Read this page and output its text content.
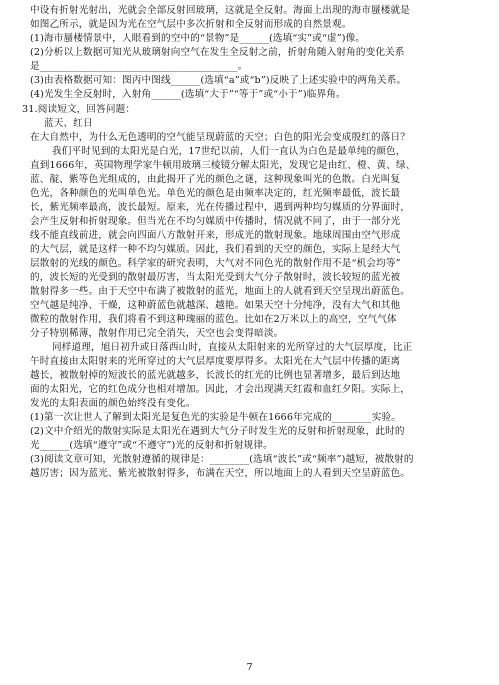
中设有折射光射出，光就会全部反射回玻璃，这就是全反射。海面上出现的海市蜃楼就是
如图乙所示，就是因为光在空气层中多次折射和全反射而形成的自然景观。
(1)海市蜃楼情景中，人眼看到的空中的“景物”是______(选填“实”或“虚”)像。
(2)分析以上数据可知光从玻璃射向空气在发生全反射之前，折射角随入射角的变化关系
是________________________________________。
(3)由表格数据可知：图丙中图线______(选填“a”或“b”)反映了上述实验中的两角关系。
(4)光发生全反射时，入射角______(选填“大于”“等于”或“小于”)临界角。
31.阅读短文，回答问题：
蓝天、红日
在大自然中，为什么无色透明的空气能呈现蔚蓝的天空；白色的阳光会变成殷红的落日？
我们平时见到的太阳光是白光，17世纪以前，人们一直认为白色是最单纯的颜色，
直到1666年，英国物理学家牛顿用玻璃三棱镜分解太阳光，发现它是由红、橙、黄、绿、
蓝、靛、紫等色光组成的，由此揭开了光的颜色之谜，这种现象叫光的色散。白光叫复
色光，各种颜色的光叫单色光。单色光的颜色是由频率决定的，红光频率最低，波长最
长，紫光频率最高，波长最短。原来，光在传播过程中，遇到两种均匀媒质的分界面时，
会产生反射和折射现象。但当光在不均匀媒质中传播时，情况就不同了，由于一部分光
线不能直线前进，就会向四面八方散射开来，形成光的散射现象。地球周围由空气形成
的大气层，就是这样一种不均匀媒质。因此，我们看到的天空的颜色，实际上是经大气
层散射的光线的颜色。科学家的研究表明，大气对不同色光的散射作用不是“机会均等”
的，波长短的光受到的散射最厉害，当太阳光受到大气分子散射时，波长较短的蓝光被
散射得多一些。由于天空中布满了被散射的蓝光，地面上的人就看到天空呈现出蔚蓝色。
空气越是纯净、干燥，这种蔚蓝色就越深、越艳。如果天空十分纯净，没有大气和其他
微粒的散射作用，我们将看不到这种瑰丽的蓝色。比如在2万米以上的高空，空气气体
分子特别稀薄，散射作用已完全消失，天空也会变得暗淡。
同样道理，旭日初升或日落西山时，直接从太阳射来的光所穿过的大气层厚度，比正
午时直接由太阳射来的光所穿过的大气层厚度要厚得多。太阳光在大气层中传播的距离
越长，被散射掉的短波长的蓝光就越多，长波长的红光的比例也显著增多，最后到达地
面的太阳光，它的红色成分也相对增加。因此，才会出现满天红霞和血红夕阳。实际上，
发光的太阳表面的颜色始终没有变化。
(1)第一次让世人了解到太阳光是复色光的实验是牛顿在1666年完成的________实验。
(2)文中介绍光的散射实际是太阳光在遇到大气分子时发生光的反射和折射现象，此时的
光______(选填“遵守”或“不遵守”)光的反射和折射规律。
(3)阅读文章可知，光散射遵循的规律是：________(选填“波长”或“频率”)越短，被散射的
越厉害；因为蓝光、紫光被散射得多，布满在天空，所以地面上的人看到天空呈蔚蓝色。
7
